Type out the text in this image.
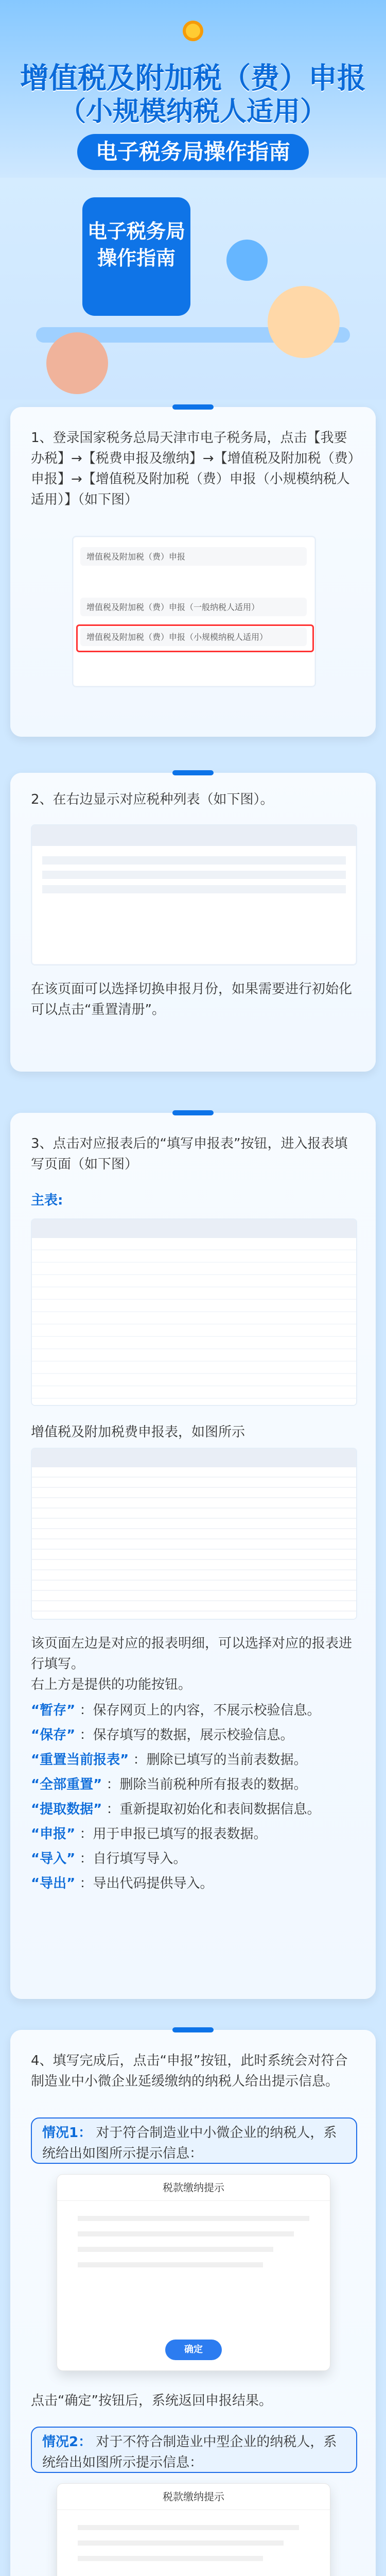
增值税及附加税（费）申报
（小规模纳税人适用）
电子税务局操作指南
电子税务局
操作指南
1、登录国家税务总局天津市电子税务局，点击【我要办税】→【税费申报及缴纳】→【增值税及附加税（费）申报】→【增值税及附加税（费）申报（小规模纳税人适用）】（如下图）
增值税及附加税（费）申报
增值税及附加税（费）申报（一般纳税人适用）
增值税及附加税（费）申报（小规模纳税人适用）
2、在右边显示对应税种列表（如下图）。
在该页面可以选择切换申报月份，如果需要进行初始化可以点击“重置清册”。
3、点击对应报表后的“填写申报表”按钮，进入报表填写页面（如下图）
主表:
增值税及附加税费申报表，如图所示
该页面左边是对应的报表明细，可以选择对应的报表进行填写。
右上方是提供的功能按钮。
“暂存” ：保存网页上的内容，不展示校验信息。
“保存” ：保存填写的数据，展示校验信息。
“重置当前报表” ：删除已填写的当前表数据。
“全部重置” ：删除当前税种所有报表的数据。
“提取数据” ：重新提取初始化和表间数据信息。
“申报” ：用于申报已填写的报表数据。
“导入” ：自行填写导入。
“导出” ：导出代码提供导入。
4、填写完成后，点击“申报”按钮，此时系统会对符合制造业中小微企业延缓缴纳的纳税人给出提示信息。
情况1： 对于符合制造业中小微企业的纳税人，系统给出如图所示提示信息：
税款缴纳提示
确定
点击“确定”按钮后，系统返回申报结果。
情况2： 对于不符合制造业中型企业的纳税人，系统给出如图所示提示信息：
税款缴纳提示
